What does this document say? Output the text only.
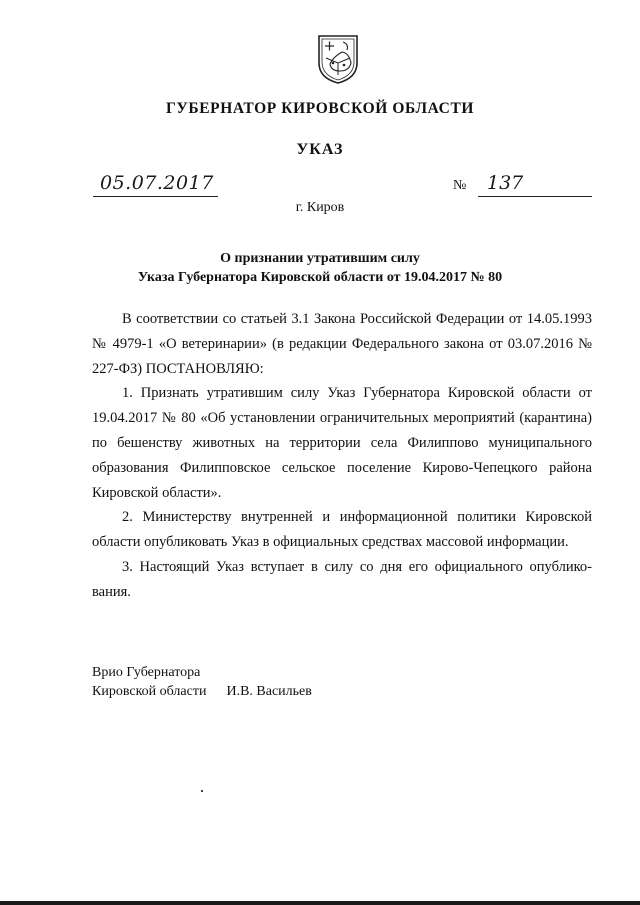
ГУБЕРНАТОР КИРОВСКОЙ ОБЛАСТИ
УКАЗ
05.07.2017	№ 137
г. Киров
О признании утратившим силу
Указа Губернатора Кировской области от 19.04.2017 № 80

В соответствии со статьей 3.1 Закона Российской Федерации от 14.05.1993 № 4979-1 «О ветеринарии» (в редакции Федерального закона от 03.07.2016 № 227-ФЗ) ПОСТАНОВЛЯЮ:

1. Признать утратившим силу Указ Губернатора Кировской области от 19.04.2017 № 80 «Об установлении ограничительных мероприятий (карантина) по бешенству животных на территории села Филиппово муниципального образования Филипповское сельское поселение Кирово-Чепецкого района Кировской области».

2. Министерству внутренней и информационной политики Кировской области опубликовать Указ в официальных средствах массовой информации.

3. Настоящий Указ вступает в силу со дня его официального опубликования.

Врио Губернатора
Кировской области И.В. Васильев
